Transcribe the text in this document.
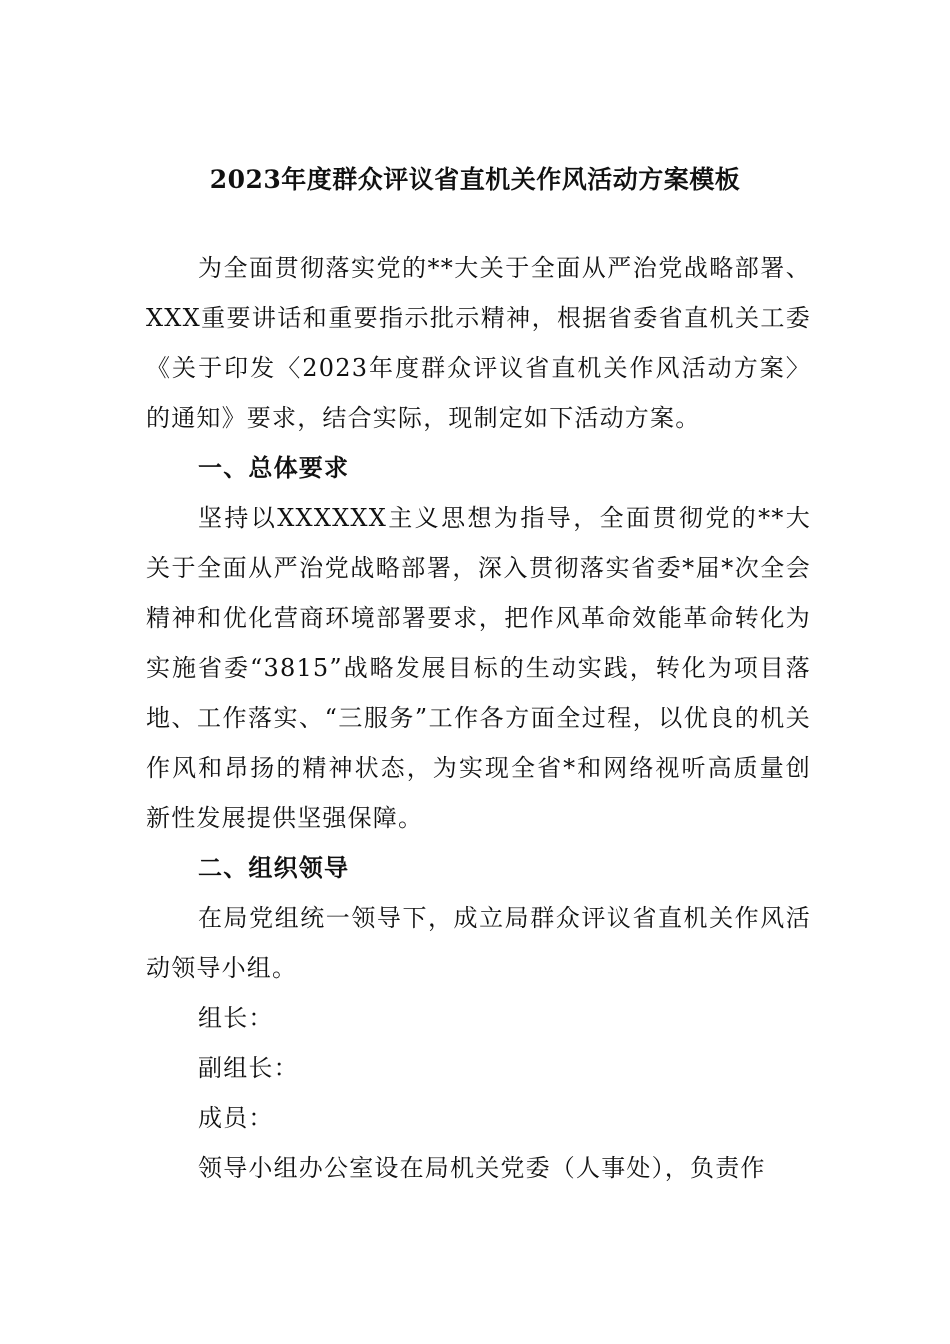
2023年度群众评议省直机关作风活动方案模板

为全面贯彻落实党的**大关于全面从严治党战略部署、XXX重要讲话和重要指示批示精神，根据省委省直机关工委《关于印发〈2023年度群众评议省直机关作风活动方案〉的通知》要求，结合实际，现制定如下活动方案。

一、总体要求

坚持以XXXXXX主义思想为指导，全面贯彻党的**大关于全面从严治党战略部署，深入贯彻落实省委*届*次全会精神和优化营商环境部署要求，把作风革命效能革命转化为实施省委“3815”战略发展目标的生动实践，转化为项目落地、工作落实、“三服务”工作各方面全过程，以优良的机关作风和昂扬的精神状态，为实现全省*和网络视听高质量创新性发展提供坚强保障。

二、组织领导

在局党组统一领导下，成立局群众评议省直机关作风活动领导小组。

组长：

副组长：

成员：

领导小组办公室设在局机关党委（人事处），负责作
